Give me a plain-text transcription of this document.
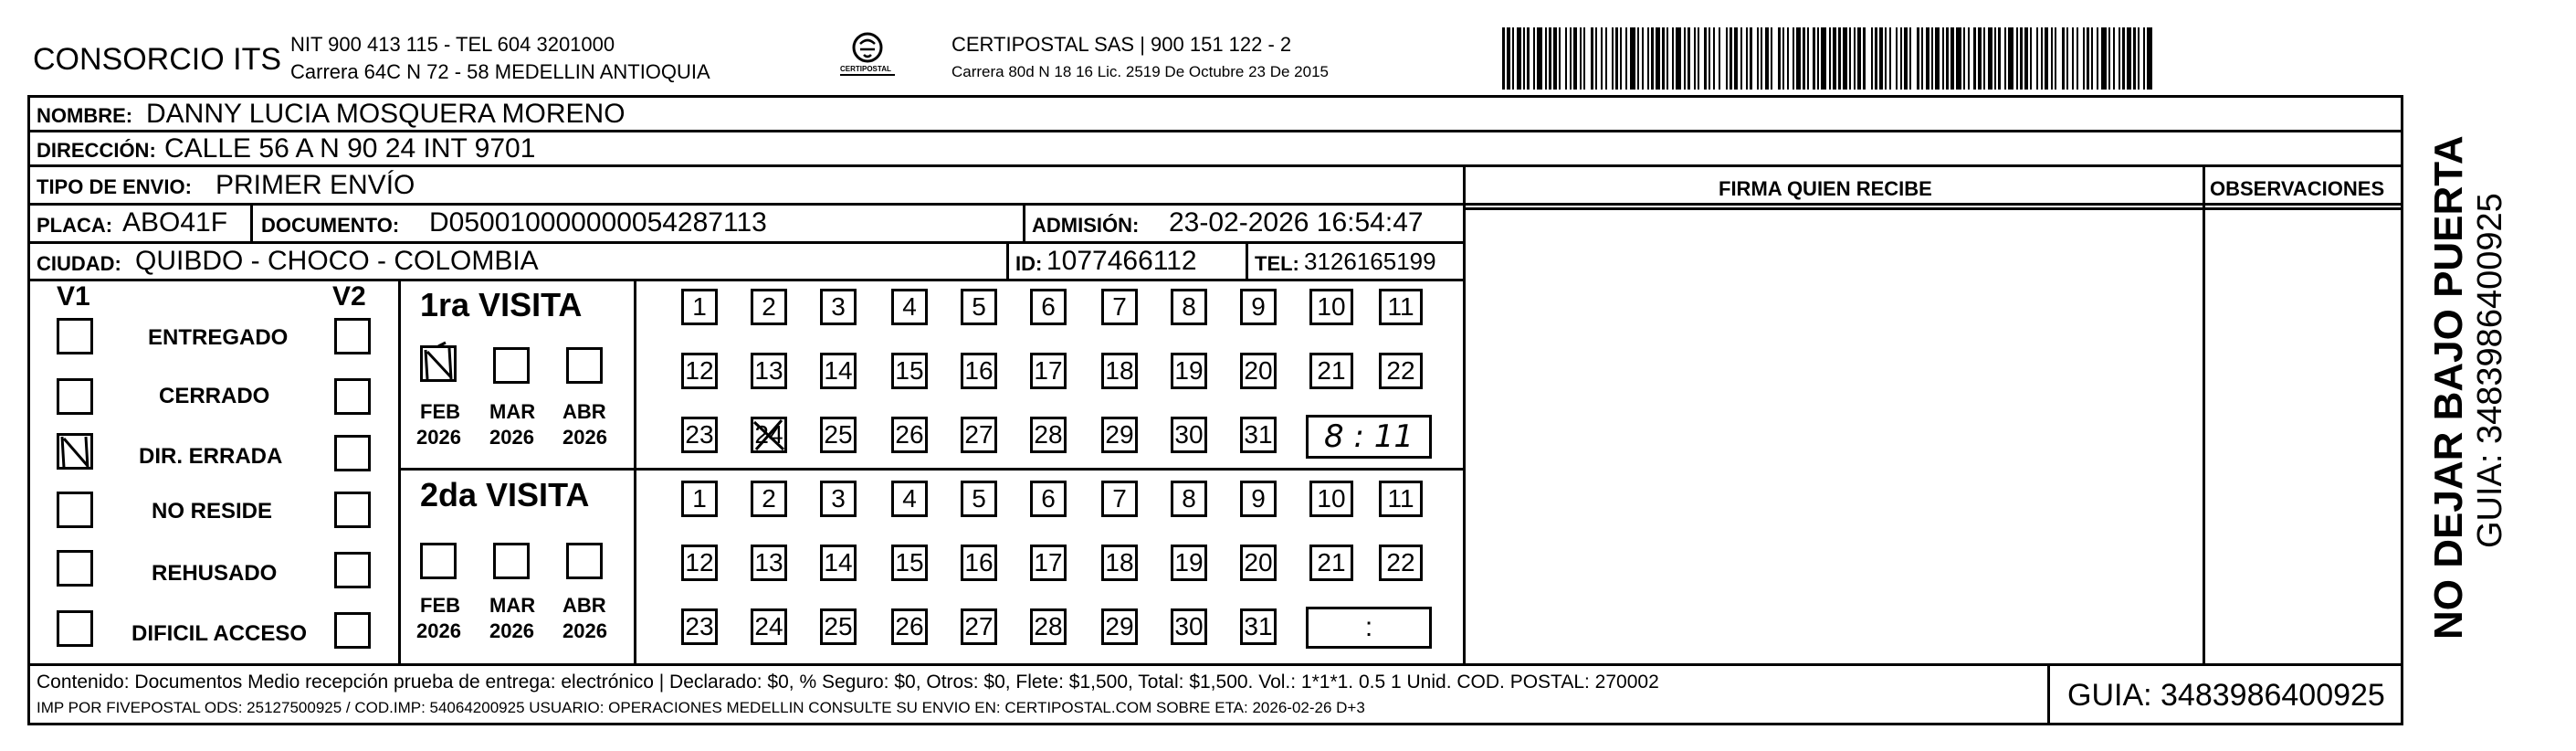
CONSORCIO ITS NIT 900 413 115 - TEL 604 3201000
Carrera 64C N 72 - 58 MEDELLIN ANTIOQUIA	CERTIPOSTAL
CERTIPOSTAL SAS | 900 151 122 - 2
Carrera 80d N 18 16 Lic. 2519 De Octubre 23 De 2015
NOMBRE: DANNY LUCIA MOSQUERA MORENO
DIRECCIÓN: CALLE 56 A N 90 24 INT 9701
TIPO DE ENVIO: PRIMER ENVÍO
PLACA: ABO41F DOCUMENTO: D050010000000054287113	ADMISIÓN: 23-02-2026 16:54:47
CIUDAD: QUIBDO - CHOCO - COLOMBIA	ID: 1077466112	TEL: 3126165199
FIRMA QUIEN RECIBE	OBSERVACIONES
V1	V2
ENTREGADO
CERRADO
DIR. ERRADA
NO RESIDE
REHUSADO
DIFICIL ACCESO
1ra VISITA
FEB
2026
MAR
2026
ABR
2026
1	2	3	4	5	6	7	8	9	10	11
12 13 14 15 16 17 18 19 20	21	22
23 24 25 26 27 28 29 30 31	8 : 11
2da VISITA
FEB
2026
MAR
2026
ABR
2026
1	2	3	4	5	6	7	8	9	10	11
12 13 14 15 16 17 18 19 20	21	22
23 24 25 26 27 28 29 30 31	:
Contenido: Documentos Medio recepción prueba de entrega: electrónico | Declarado: $0, % Seguro: $0, Otros: $0, Flete: $1,500, Total: $1,500. Vol.: 1*1*1. 0.5 1 Unid. COD. POSTAL: 270002
IMP POR FIVEPOSTAL ODS: 25127500925 / COD.IMP: 54064200925 USUARIO: OPERACIONES MEDELLIN CONSULTE SU ENVIO EN: CERTIPOSTAL.COM SOBRE ETA: 2026-02-26 D+3	GUIA: 3483986400925
NO DEJAR BAJO PUERTA GUIA: 3483986400925
